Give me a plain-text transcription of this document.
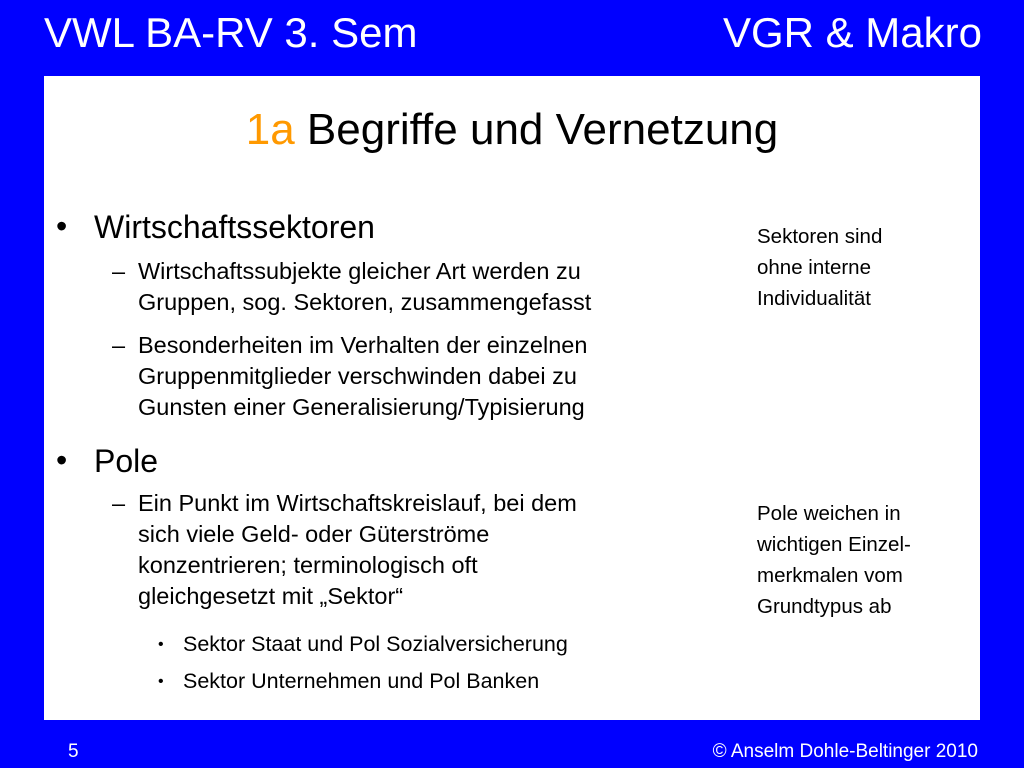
VWL BA-RV 3. Sem	VGR & Makro
1a Begriffe und Vernetzung
• Wirtschaftssektoren
– Wirtschaftssubjekte gleicher Art werden zu
Gruppen, sog. Sektoren, zusammengefasst
– Besonderheiten im Verhalten der einzelnen
Gruppenmitglieder verschwinden dabei zu
Gunsten einer Generalisierung/Typisierung
• Pole
– Ein Punkt im Wirtschaftskreislauf, bei dem
sich viele Geld- oder Güterströme
konzentrieren; terminologisch oft
gleichgesetzt mit „Sektor“
• Sektor Staat und Pol Sozialversicherung
• Sektor Unternehmen und Pol Banken
Sektoren sind
ohne interne
Individualität
Pole weichen in
wichtigen Einzel-
merkmalen vom
Grundtypus ab
5	© Anselm Dohle-Beltinger 2010
